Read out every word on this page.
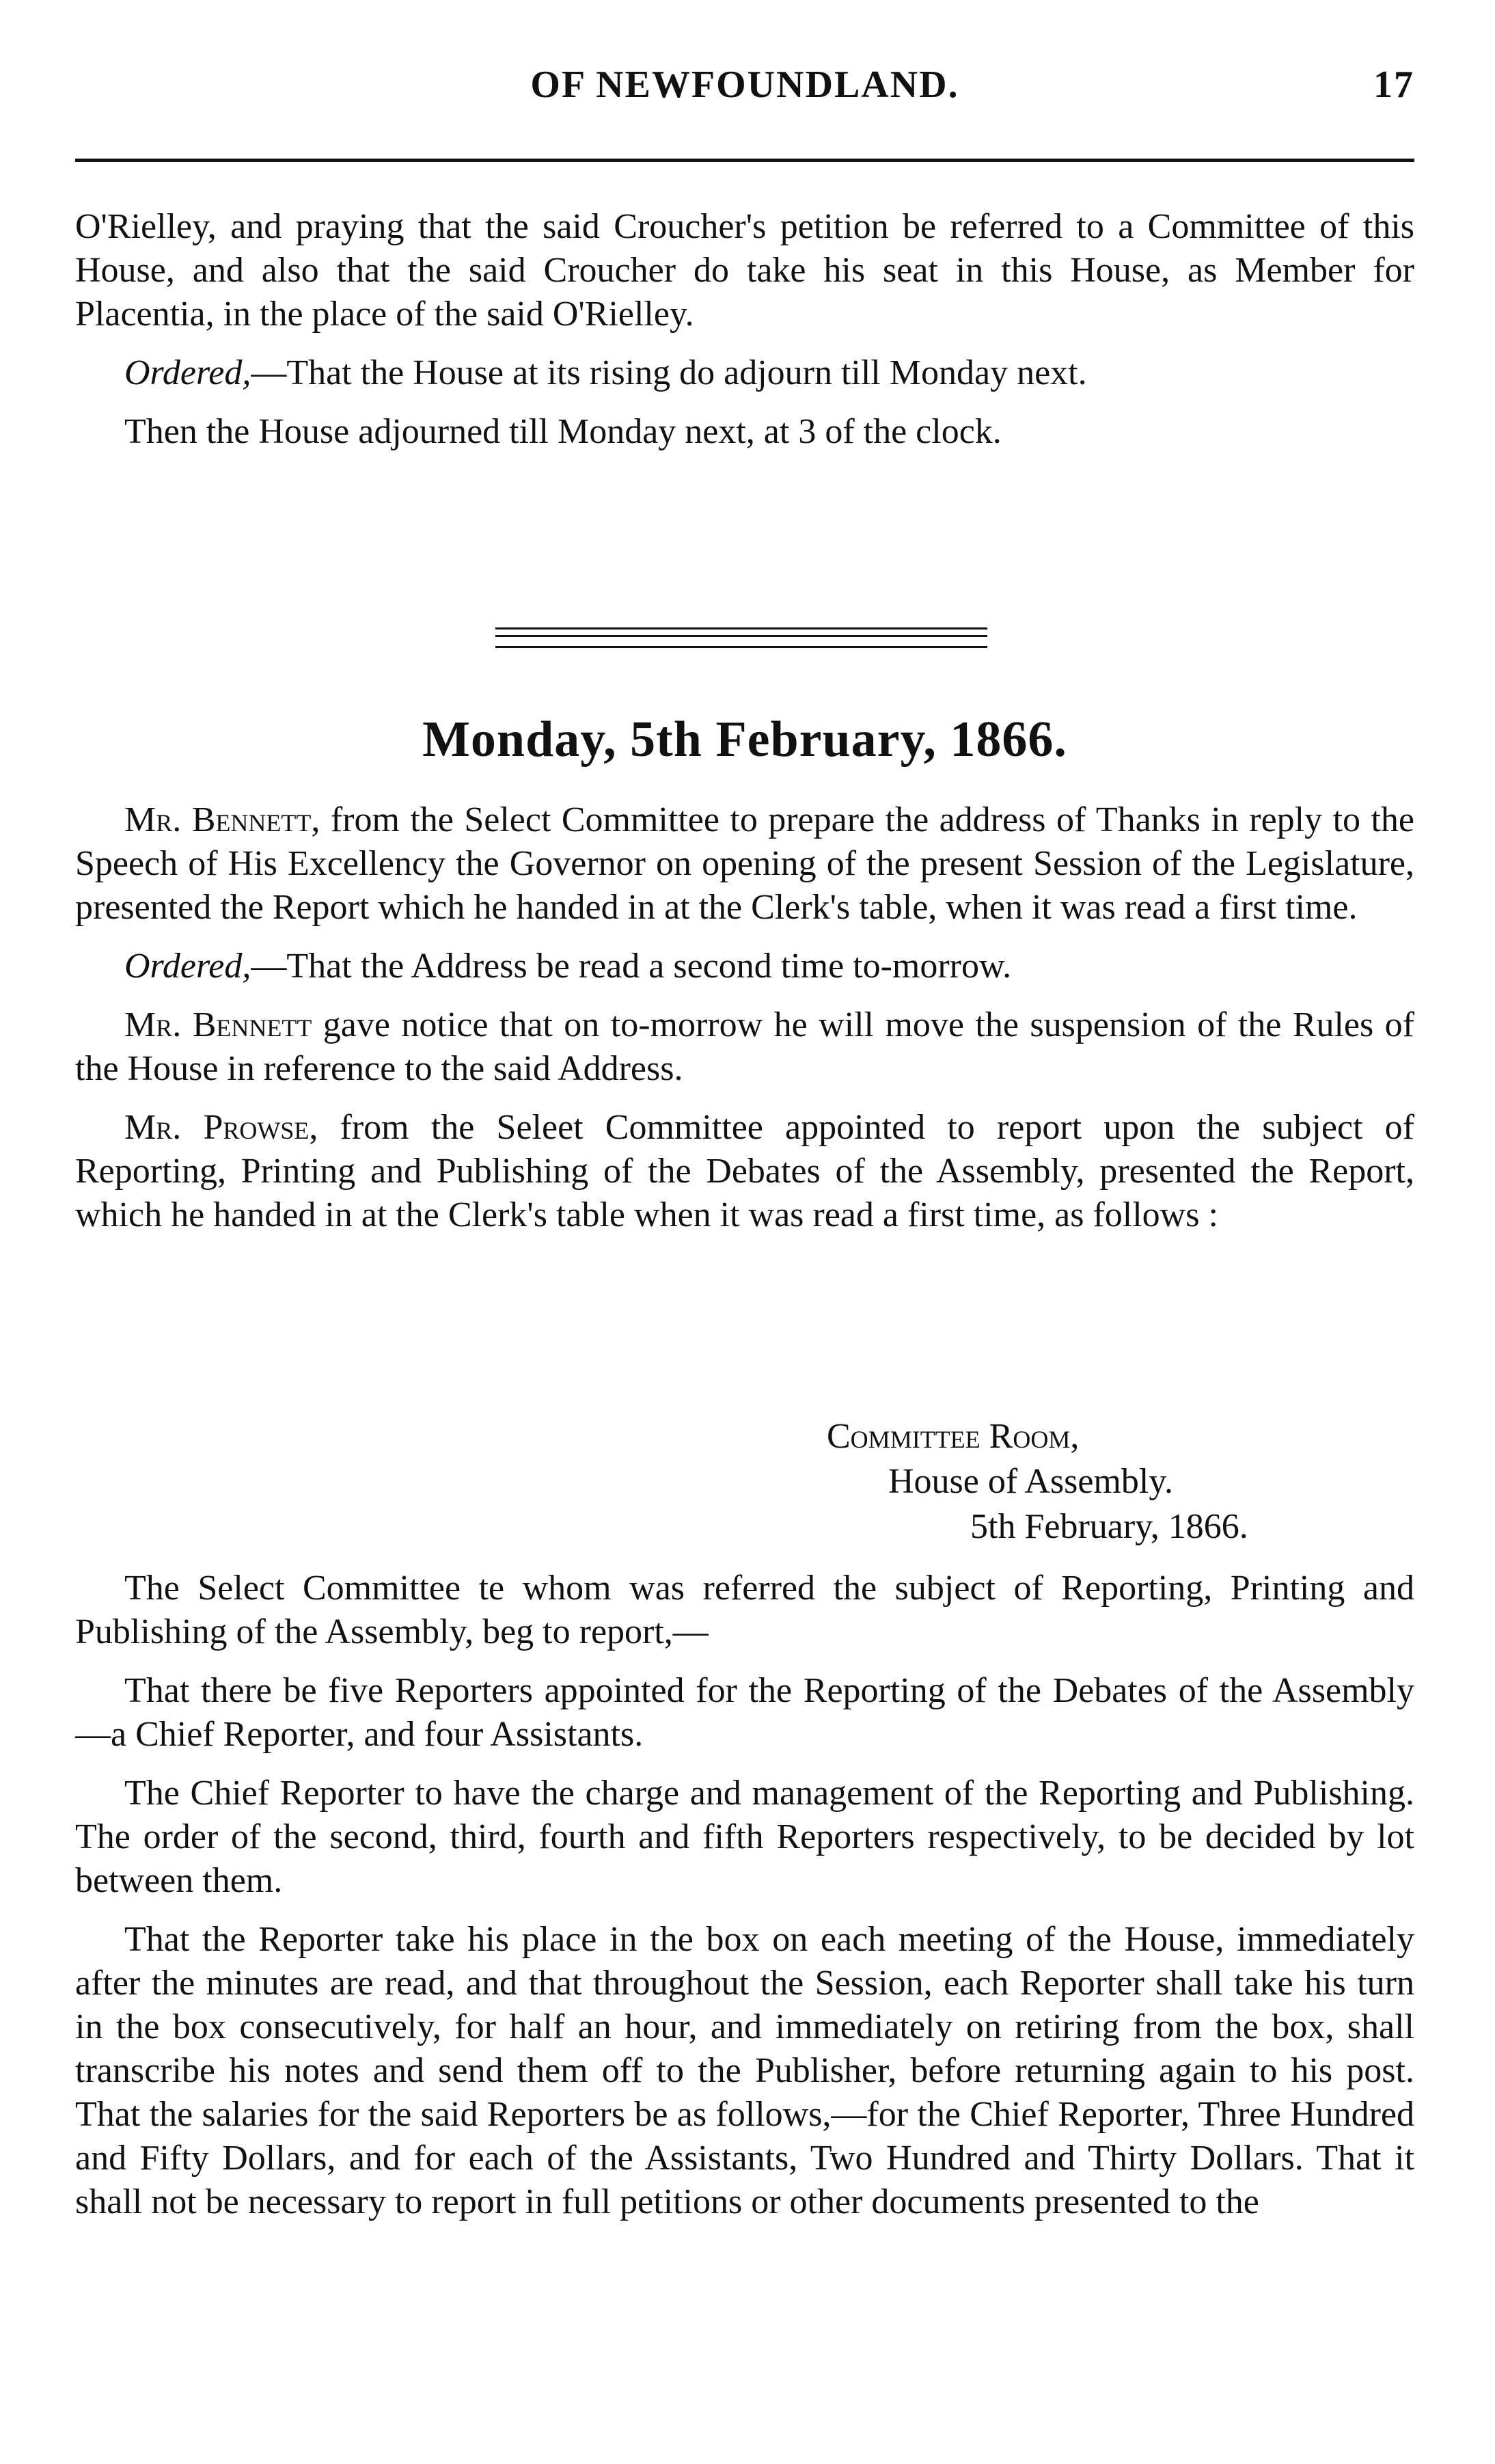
OF NEWFOUNDLAND.	17

O'Rielley, and praying that the said Croucher's petition be referred to a Committee of this House, and also that the said Croucher do take his seat in this House, as Member for Placentia, in the place of the said O'Rielley.

Ordered,—That the House at its rising do adjourn till Monday next.

Then the House adjourned till Monday next, at 3 of the clock.

Monday, 5th February, 1866.

Mr. Bennett, from the Select Committee to prepare the address of Thanks in reply to the Speech of His Excellency the Governor on opening of the present Session of the Legislature, presented the Report which he handed in at the Clerk's table, when it was read a first time.

Ordered,—That the Address be read a second time to-morrow.

Mr. Bennett gave notice that on to-morrow he will move the suspension of the Rules of the House in reference to the said Address.

Mr. Prowse, from the Seleet Committee appointed to report upon the subject of Reporting, Printing and Publishing of the Debates of the Assembly, presented the Report, which he handed in at the Clerk's table when it was read a first time, as follows :

Committee Room,
House of Assembly.
5th February, 1866.

The Select Committee te whom was referred the subject of Reporting, Printing and Publishing of the Assembly, beg to report,—

That there be five Reporters appointed for the Reporting of the Debates of the Assembly—a Chief Reporter, and four Assistants.

The Chief Reporter to have the charge and management of the Reporting and Publishing. The order of the second, third, fourth and fifth Reporters respectively, to be decided by lot between them.

That the Reporter take his place in the box on each meeting of the House, immediately after the minutes are read, and that throughout the Session, each Reporter shall take his turn in the box consecutively, for half an hour, and immediately on retiring from the box, shall transcribe his notes and send them off to the Publisher, before returning again to his post. That the salaries for the said Reporters be as follows,—for the Chief Reporter, Three Hundred and Fifty Dollars, and for each of the Assistants, Two Hundred and Thirty Dollars. That it shall not be necessary to report in full petitions or other documents presented to the
